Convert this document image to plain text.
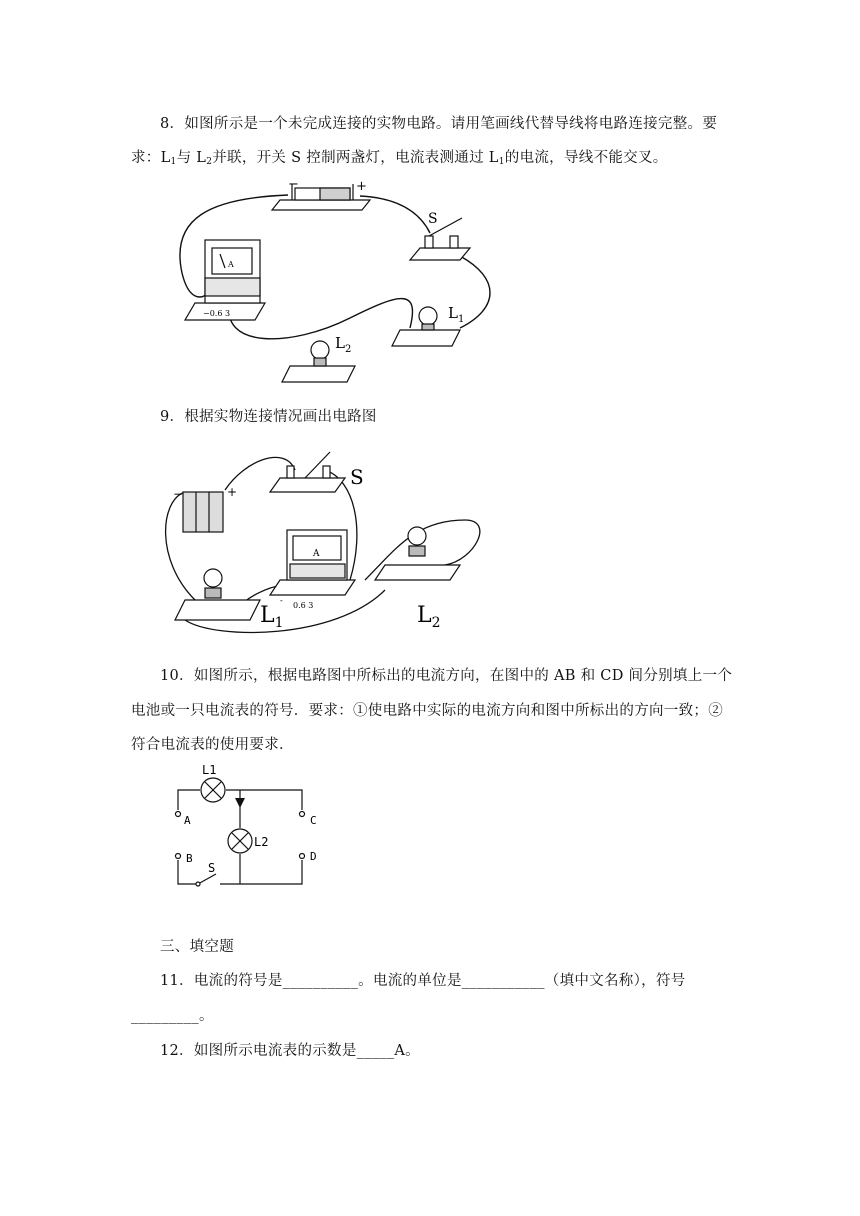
8．如图所示是一个未完成连接的实物电路。请用笔画线代替导线将电路连接完整。要
求：$L_1$与 $L_2$并联，开关 S 控制两盏灯，电流表测通过 $L_1$的电流，导线不能交叉。
−	+
S
A
−0.6 3	$L_1$
$L_2$
9．根据实物连接情况画出电路图
−	+
S
A
-
0.6 3
$L_1$	$L_2$
10．如图所示，根据电路图中所标出的电流方向，在图中的 AB 和 CD 间分别填上一个
电池或一只电流表的符号．要求：①使电路中实际的电流方向和图中所标出的方向一致；②
符合电流表的使用要求．
L1
L2
A
B
C
D
S
三、填空题
11．电流的符号是__________。电流的单位是___________（填中文名称），符号
_________。
12．如图所示电流表的示数是_____A。
